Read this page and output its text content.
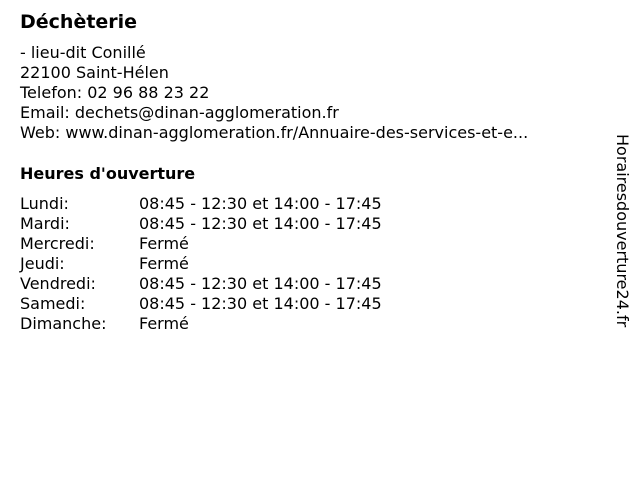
Déchèterie
- lieu-dit Conillé
22100 Saint-Hélen
Telefon: 02 96 88 23 22
Email: dechets@dinan-agglomeration.fr
Web: www.dinan-agglomeration.fr/Annuaire-des-services-et-e...
Heures d'ouverture
Lundi:	08:45 - 12:30 et 14:00 - 17:45
Mardi:	08:45 - 12:30 et 14:00 - 17:45
Mercredi:	Fermé
Jeudi:	Fermé
Vendredi:	08:45 - 12:30 et 14:00 - 17:45
Samedi:	08:45 - 12:30 et 14:00 - 17:45
Dimanche:	Fermé	Horairesdouverture24.fr
